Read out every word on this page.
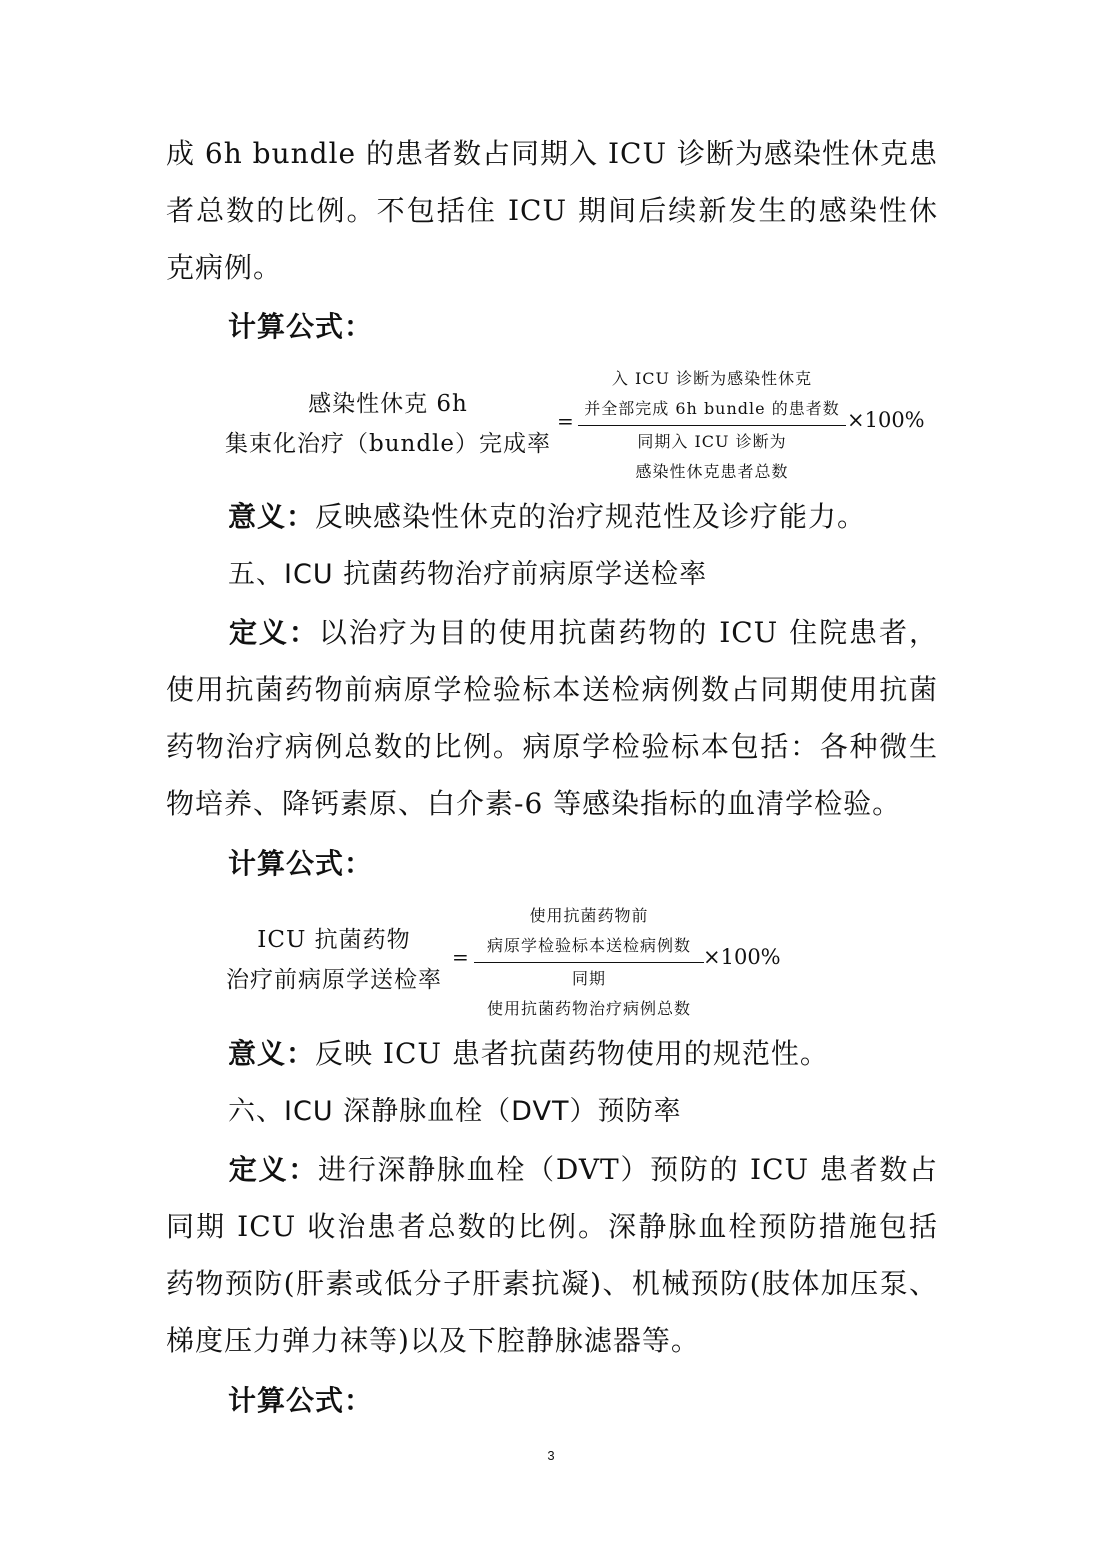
成 6h bundle 的患者数占同期入 ICU 诊断为感染性休克患者总数的比例。不包括住 ICU 期间后续新发生的感染性休克病例。

计算公式：
感染性休克 6h
集束化治疗（bundle）完成率
=
入 ICU 诊断为感染性休克
并全部完成 6h bundle 的患者数
同期入 ICU 诊断为
感染性休克患者总数
×100%
意义：反映感染性休克的治疗规范性及诊疗能力。
五、ICU 抗菌药物治疗前病原学送检率

定义：以治疗为目的使用抗菌药物的 ICU 住院患者，使用抗菌药物前病原学检验标本送检病例数占同期使用抗菌药物治疗病例总数的比例。病原学检验标本包括：各种微生物培养、降钙素原、白介素-6 等感染指标的血清学检验。

计算公式：
ICU 抗菌药物
治疗前病原学送检率
=
使用抗菌药物前
病原学检验标本送检病例数
同期
使用抗菌药物治疗病例总数
×100%
意义：反映 ICU 患者抗菌药物使用的规范性。
六、ICU 深静脉血栓（DVT）预防率

定义：进行深静脉血栓（DVT）预防的 ICU 患者数占同期 ICU 收治患者总数的比例。深静脉血栓预防措施包括药物预防(肝素或低分子肝素抗凝)、机械预防(肢体加压泵、梯度压力弹力袜等)以及下腔静脉滤器等。

计算公式：
3
